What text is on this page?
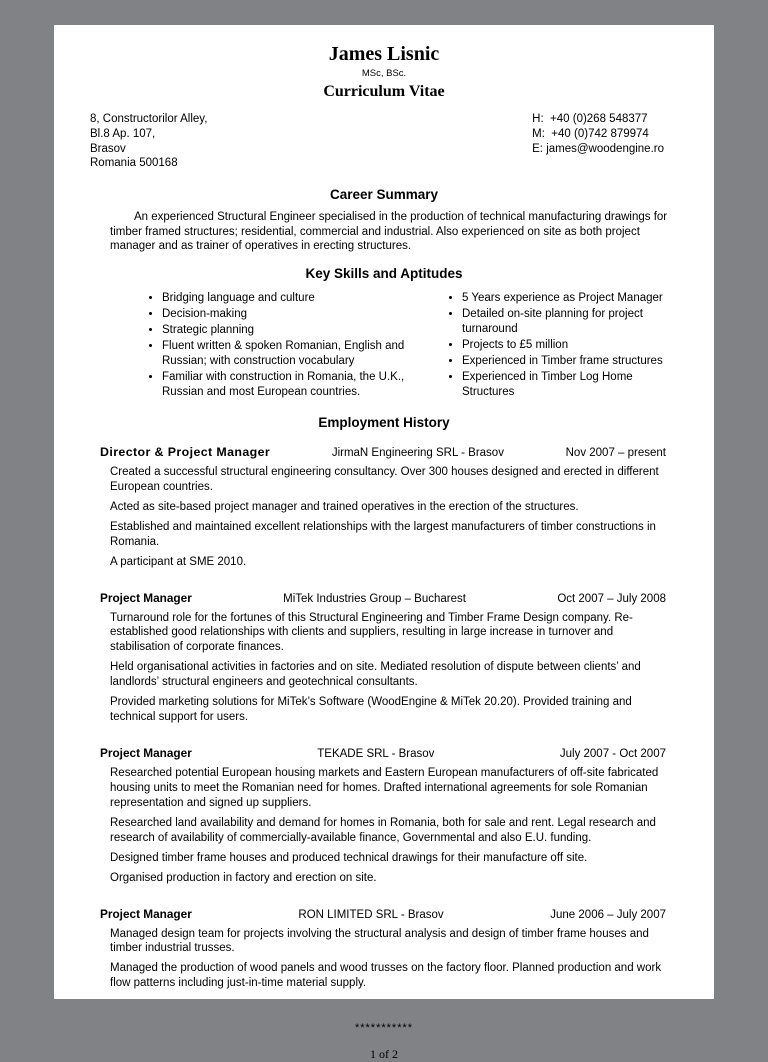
James Lisnic
MSc, BSc.
Curriculum Vitae
8, Constructorilor Alley,
Bl.8 Ap. 107,
Brasov
Romania 500168
H:  +40 (0)268 548377
M:  +40 (0)742 879974
E: james@woodengine.ro
Career Summary

An experienced Structural Engineer specialised in the production of technical manufacturing drawings for timber framed structures; residential, commercial and industrial. Also experienced on site as both project manager and as trainer of operatives in erecting structures.

Key Skills and Aptitudes
• Bridging language and culture
• Decision-making
• Strategic planning
• Fluent written & spoken Romanian, English and Russian; with construction vocabulary
• Familiar with construction in Romania, the U.K., Russian and most European countries.
• 5 Years experience as Project Manager
• Detailed on-site planning for project turnaround
• Projects to £5 million
• Experienced in Timber frame structures
• Experienced in Timber Log Home Structures
Employment History
Director & Project Manager	JirmaN Engineering SRL - Brasov	Nov 2007 – present

Created a successful structural engineering consultancy. Over 300 houses designed and erected in different European countries.

Acted as site-based project manager and trained operatives in the erection of the structures.

Established and maintained excellent relationships with the largest manufacturers of timber constructions in Romania.

A participant at SME 2010.

Project Manager	MiTek Industries Group – Bucharest	Oct 2007 – July 2008

Turnaround role for the fortunes of this Structural Engineering and Timber Frame Design company. Re-established good relationships with clients and suppliers, resulting in large increase in turnover and stabilisation of corporate finances.

Held organisational activities in factories and on site. Mediated resolution of dispute between clients’ and landlords’ structural engineers and geotechnical consultants.

Provided marketing solutions for MiTek’s Software (WoodEngine & MiTek 20.20). Provided training and technical support for users.

Project Manager	TEKADE SRL - Brasov	July 2007 - Oct 2007

Researched potential European housing markets and Eastern European manufacturers of off-site fabricated housing units to meet the Romanian need for homes. Drafted international agreements for sole Romanian representation and signed up suppliers.

Researched land availability and demand for homes in Romania, both for sale and rent. Legal research and research of availability of commercially-available finance, Governmental and also E.U. funding.

Designed timber frame houses and produced technical drawings for their manufacture off site.

Organised production in factory and erection on site.

Project Manager	RON LIMITED SRL - Brasov	June 2006 – July 2007

Managed design team for projects involving the structural analysis and design of timber frame houses and timber industrial trusses.

Managed the production of wood panels and wood trusses on the factory floor. Planned production and work flow patterns including just-in-time material supply.

***********
1 of 2
